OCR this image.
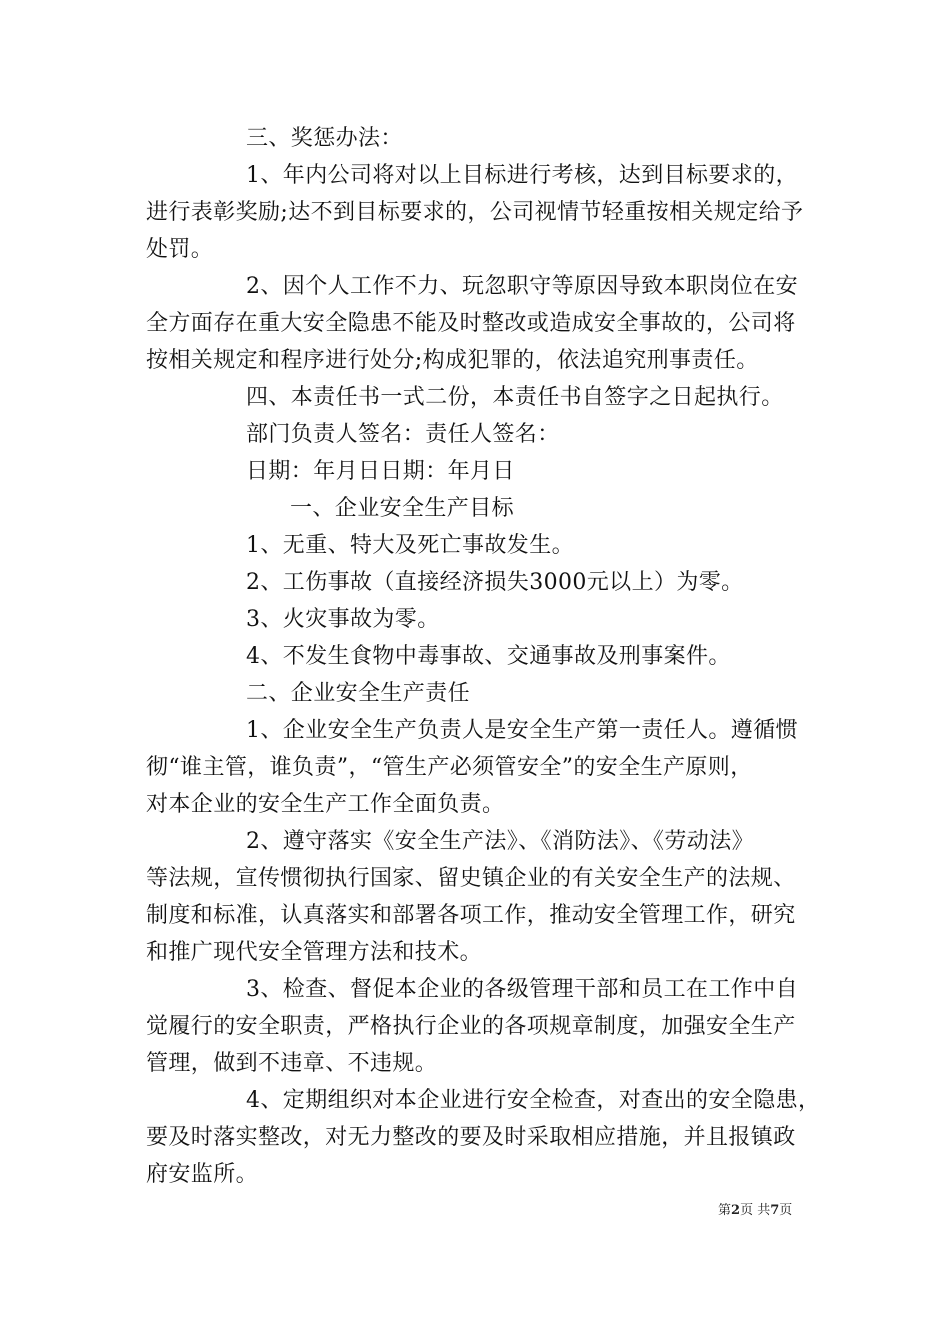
三、奖惩办法：
1、年内公司将对以上目标进行考核，达到目标要求的，
进行表彰奖励;达不到目标要求的，公司视情节轻重按相关规定给予
处罚。
2、因个人工作不力、玩忽职守等原因导致本职岗位在安
全方面存在重大安全隐患不能及时整改或造成安全事故的，公司将
按相关规定和程序进行处分;构成犯罪的，依法追究刑事责任。
四、本责任书一式二份，本责任书自签字之日起执行。
部门负责人签名：责任人签名：
日期：年月日日期：年月日
一、企业安全生产目标
1、无重、特大及死亡事故发生。
2、工伤事故（直接经济损失3000元以上）为零。
3、火灾事故为零。
4、不发生食物中毒事故、交通事故及刑事案件。
二、企业安全生产责任
1、企业安全生产负责人是安全生产第一责任人。遵循惯
彻“谁主管，谁负责”，“管生产必须管安全”的安全生产原则，
对本企业的安全生产工作全面负责。
2、遵守落实《安全生产法》、《消防法》、《劳动法》
等法规，宣传惯彻执行国家、留史镇企业的有关安全生产的法规、
制度和标准，认真落实和部署各项工作，推动安全管理工作，研究
和推广现代安全管理方法和技术。
3、检查、督促本企业的各级管理干部和员工在工作中自
觉履行的安全职责，严格执行企业的各项规章制度，加强安全生产
管理，做到不违章、不违规。
4、定期组织对本企业进行安全检查，对查出的安全隐患，
要及时落实整改，对无力整改的要及时采取相应措施，并且报镇政
府安监所。
第2页 共7页
